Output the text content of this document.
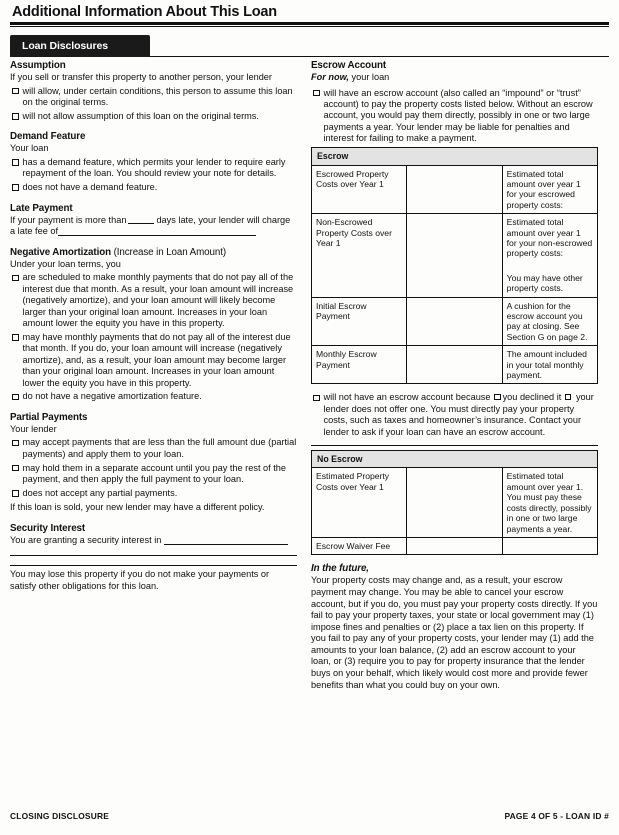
Additional Information About This Loan
Loan Disclosures
Assumption

If you sell or transfer this property to another person, your lender

will allow, under certain conditions, this person to assume this loan on the original terms.
will not allow assumption of this loan on the original terms.
Demand Feature

Your loan

has a demand feature, which permits your lender to require early repayment of the loan. You should review your note for details.
does not have a demand feature.
Late Payment

If your payment is more than	days late, your lender will charge a late fee of

Negative Amortization (Increase in Loan Amount)

Under your loan terms, you

are scheduled to make monthly payments that do not pay all of the interest due that month. As a result, your loan amount will increase (negatively amortize), and your loan amount will likely become larger than your original loan amount. Increases in your loan amount lower the equity you have in this property.
may have monthly payments that do not pay all of the interest due that month. If you do, your loan amount will increase (negatively amortize), and, as a result, your loan amount may become larger than your original loan amount. Increases in your loan amount lower the equity you have in this property.
do not have a negative amortization feature.
Partial Payments

Your lender

may accept payments that are less than the full amount due (partial payments) and apply them to your loan.
may hold them in a separate account until you pay the rest of the payment, and then apply the full payment to your loan.
does not accept any partial payments.

If this loan is sold, your new lender may have a different policy.

Security Interest

You are granting a security interest in

You may lose this property if you do not make your payments or satisfy other obligations for this loan.

Escrow Account

For now, your loan

will have an escrow account (also called an “impound” or “trust” account) to pay the property costs listed below. Without an escrow account, you would pay them directly, possibly in one or two large payments a year. Your lender may be liable for penalties and interest for failing to make a payment.
Escrow		
Escrowed Property Costs over Year 1		Estimated total amount over year 1 for your escrowed property costs:
Non-Escrowed Property Costs over Year 1		Estimated total amount over year 1 for your non-escrowed property costs:
You may have other property costs.
Initial Escrow Payment		A cushion for the escrow account you pay at closing. See Section G on page 2.
Monthly Escrow Payment		The amount included in your total monthly payment.
will not have an escrow account because you declined it your lender does not offer one. You must directly pay your property costs, such as taxes and homeowner’s insurance. Contact your lender to ask if your loan can have an escrow account.
No Escrow		
Estimated Property Costs over Year 1		Estimated total amount over year 1. You must pay these costs directly, possibly in one or two large payments a year.
Escrow Waiver Fee		
In the future,

Your property costs may change and, as a result, your escrow payment may change. You may be able to cancel your escrow account, but if you do, you must pay your property costs directly. If you fail to pay your property taxes, your state or local government may (1) impose fines and penalties or (2) place a tax lien on this property. If you fail to pay any of your property costs, your lender may (1) add the amounts to your loan balance, (2) add an escrow account to your loan, or (3) require you to pay for property insurance that the lender buys on your behalf, which likely would cost more and provide fewer benefits than what you could buy on your own.

CLOSING DISCLOSURE	PAGE 4 OF 5 - LOAN ID #
